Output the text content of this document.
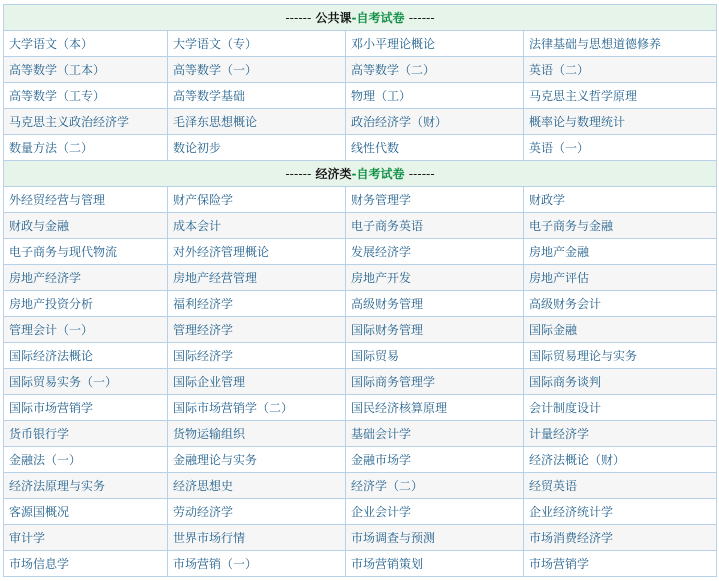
------ 公共课-自考试卷 ------			
大学语文（本）	大学语文（专）	邓小平理论概论	法律基础与思想道德修养
高等数学（工本）	高等数学（一）	高等数学（二）	英语（二）
高等数学（工专）	高等数学基础	物理（工）	马克思主义哲学原理
马克思主义政治经济学	毛泽东思想概论	政治经济学（财）	概率论与数理统计
数量方法（二）	数论初步	线性代数	英语（一）
------ 经济类-自考试卷 ------			
外经贸经营与管理	财产保险学	财务管理学	财政学
财政与金融	成本会计	电子商务英语	电子商务与金融
电子商务与现代物流	对外经济管理概论	发展经济学	房地产金融
房地产经济学	房地产经营管理	房地产开发	房地产评估
房地产投资分析	福利经济学	高级财务管理	高级财务会计
管理会计（一）	管理经济学	国际财务管理	国际金融
国际经济法概论	国际经济学	国际贸易	国际贸易理论与实务
国际贸易实务（一）	国际企业管理	国际商务管理学	国际商务谈判
国际市场营销学	国际市场营销学（二）	国民经济核算原理	会计制度设计
货币银行学	货物运输组织	基础会计学	计量经济学
金融法（一）	金融理论与实务	金融市场学	经济法概论（财）
经济法原理与实务	经济思想史	经济学（二）	经贸英语
客源国概况	劳动经济学	企业会计学	企业经济统计学
审计学	世界市场行情	市场调查与预测	市场消费经济学
市场信息学	市场营销（一）	市场营销策划	市场营销学
